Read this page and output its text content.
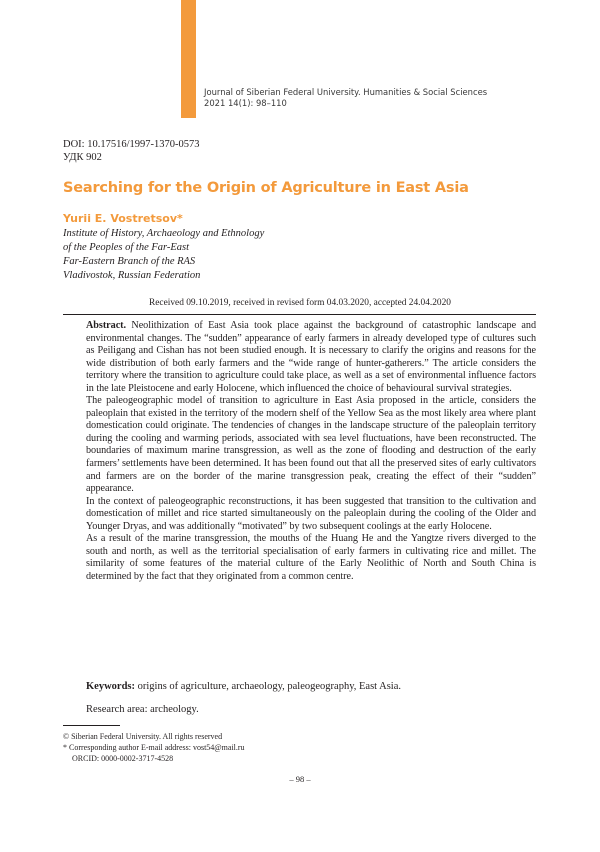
Journal of Siberian Federal University. Humanities & Social Sciences
2021 14(1): 98–110
DOI: 10.17516/1997-1370-0573
УДК 902
Searching for the Origin of Agriculture in East Asia
Yurii E. Vostretsov*
Institute of History, Archaeology and Ethnology
of the Peoples of the Far-East
Far-Eastern Branch of the RAS
Vladivostok, Russian Federation
Received 09.10.2019, received in revised form 04.03.2020, accepted 24.04.2020

Abstract. Neolithization of East Asia took place against the background of catastrophic landscape and environmental changes. The “sudden” appearance of early farmers in already developed type of cultures such as Peiligang and Cishan has not been studied enough. It is necessary to clarify the origins and reasons for the wide distribution of both early farmers and the “wide range of hunter-gatherers.” The article considers the territory where the transition to agriculture could take place, as well as a set of environmental influence factors in the late Pleistocene and early Holocene, which influenced the choice of behavioural survival strategies.

The paleogeographic model of transition to agriculture in East Asia proposed in the article, considers the paleoplain that existed in the territory of the modern shelf of the Yellow Sea as the most likely area where plant domestication could originate. The tendencies of changes in the landscape structure of the paleoplain territory during the cooling and warming periods, associated with sea level fluctuations, have been reconstructed. The boundaries of maximum marine transgression, as well as the zone of flooding and destruction of the early farmers’ settlements have been determined. It has been found out that all the preserved sites of early cultivators and farmers are on the border of the marine transgression peak, creating the effect of their “sudden” appearance.

In the context of paleogeographic reconstructions, it has been suggested that transition to the cultivation and domestication of millet and rice started simultaneously on the paleoplain during the cooling of the Older and Younger Dryas, and was additionally “motivated” by two subsequent coolings at the early Holocene.

As a result of the marine transgression, the mouths of the Huang He and the Yangtze rivers diverged to the south and north, as well as the territorial specialisation of early farmers in cultivating rice and millet. The similarity of some features of the material culture of the Early Neolithic of North and South China is determined by the fact that they originated from a common centre.

Keywords: origins of agriculture, archaeology, paleogeography, East Asia.
Research area: archeology.
© Siberian Federal University. All rights reserved
* Corresponding author E-mail address: vost54@mail.ru
ORCID: 0000-0002-3717-4528
– 98 –
